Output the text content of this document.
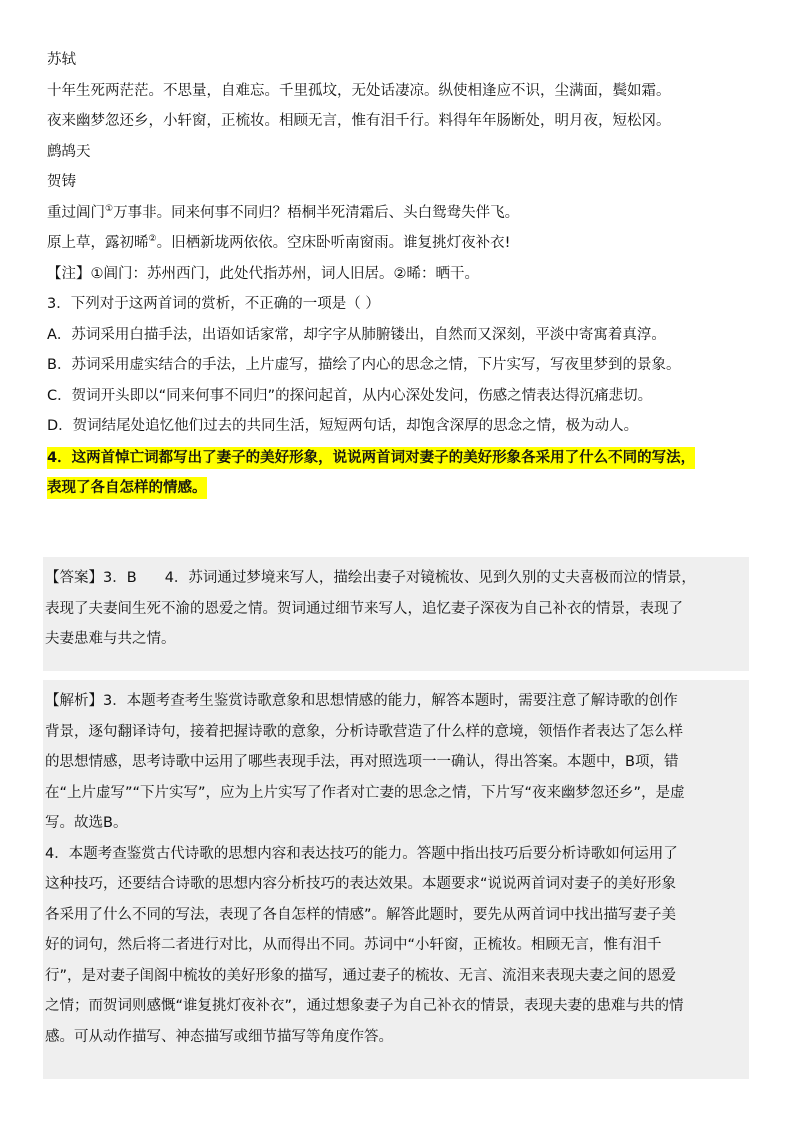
苏轼
十年生死两茫茫。不思量，自难忘。千里孤坟，无处话凄凉。纵使相逢应不识，尘满面，鬓如霜。
夜来幽梦忽还乡，小轩窗，正梳妆。相顾无言，惟有泪千行。料得年年肠断处，明月夜，短松冈。
鹧鸪天
贺铸
重过阊门①万事非。同来何事不同归？梧桐半死清霜后、头白鸳鸯失伴飞。
原上草，露初晞②。旧栖新垅两依依。空床卧听南窗雨。谁复挑灯夜补衣!
【注】①阊门：苏州西门，此处代指苏州，词人旧居。②晞：晒干。
3．下列对于这两首词的赏析，不正确的一项是（ ）
A．苏词采用白描手法，出语如话家常，却字字从肺腑镂出，自然而又深刻，平淡中寄寓着真淳。
B．苏词采用虚实结合的手法，上片虚写，描绘了内心的思念之情，下片实写，写夜里梦到的景象。
C．贺词开头即以“同来何事不同归”的探问起首，从内心深处发问，伤感之情表达得沉痛悲切。
D．贺词结尾处追忆他们过去的共同生活，短短两句话，却饱含深厚的思念之情，极为动人。
4．这两首悼亡词都写出了妻子的美好形象，说说两首词对妻子的美好形象各采用了什么不同的写法，
表现了各自怎样的情感。
【答案】3．B 4．苏词通过梦境来写人，描绘出妻子对镜梳妆、见到久别的丈夫喜极而泣的情景，
表现了夫妻间生死不渝的恩爱之情。贺词通过细节来写人，追忆妻子深夜为自己补衣的情景，表现了
夫妻患难与共之情。
【解析】3．本题考查考生鉴赏诗歌意象和思想情感的能力，解答本题时，需要注意了解诗歌的创作
背景，逐句翻译诗句，接着把握诗歌的意象，分析诗歌营造了什么样的意境，领悟作者表达了怎么样
的思想情感，思考诗歌中运用了哪些表现手法，再对照选项一一确认，得出答案。本题中，B项，错
在“上片虚写”“下片实写”，应为上片实写了作者对亡妻的思念之情，下片写“夜来幽梦忽还乡”，是虚
写。故选B。
4．本题考查鉴赏古代诗歌的思想内容和表达技巧的能力。答题中指出技巧后要分析诗歌如何运用了
这种技巧，还要结合诗歌的思想内容分析技巧的表达效果。本题要求“说说两首词对妻子的美好形象
各采用了什么不同的写法，表现了各自怎样的情感”。解答此题时，要先从两首词中找出描写妻子美
好的词句，然后将二者进行对比，从而得出不同。苏词中“小轩窗，正梳妆。相顾无言，惟有泪千
行”，是对妻子闺阁中梳妆的美好形象的描写，通过妻子的梳妆、无言、流泪来表现夫妻之间的恩爱
之情；而贺词则感慨“谁复挑灯夜补衣”，通过想象妻子为自己补衣的情景，表现夫妻的患难与共的情
感。可从动作描写、神态描写或细节描写等角度作答。
